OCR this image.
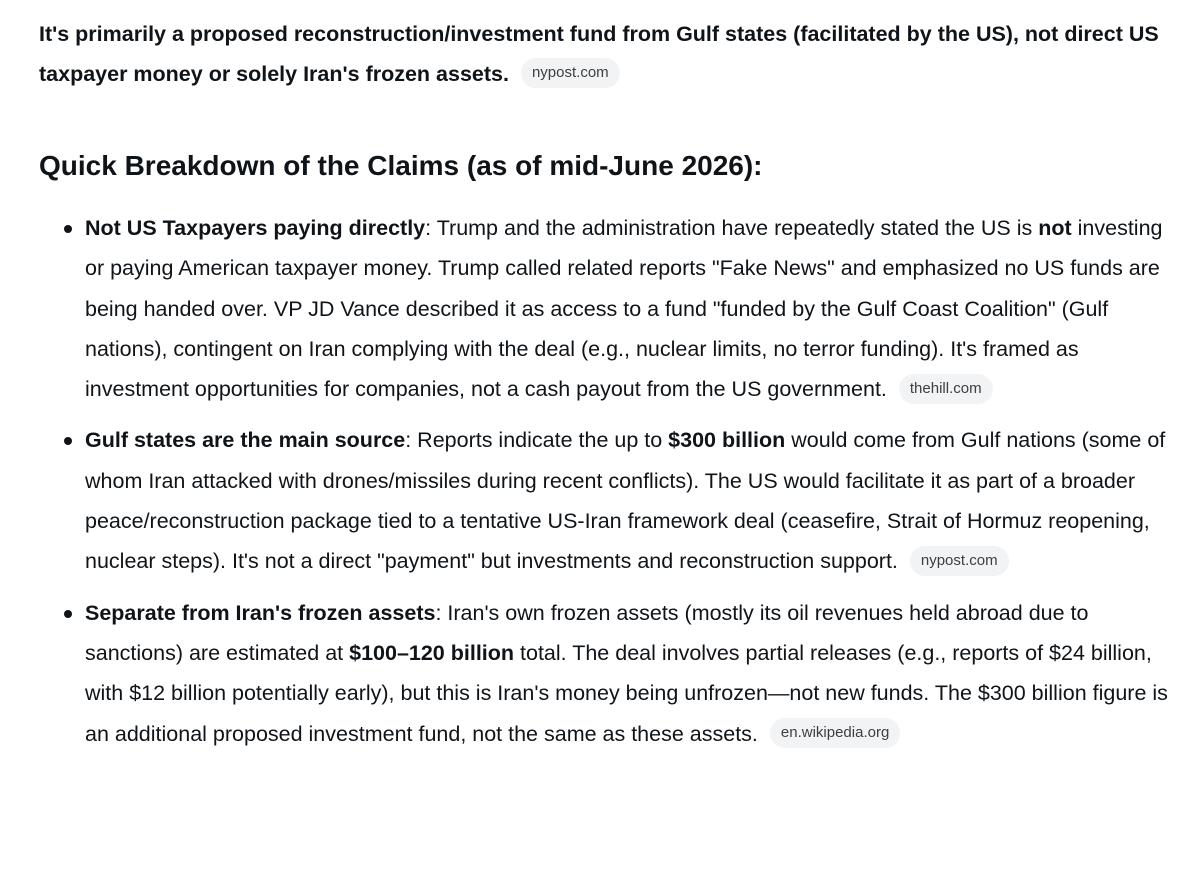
It's primarily a proposed reconstruction/investment fund from Gulf states (facilitated by the US), not direct US taxpayer money or solely Iran's frozen assets. nypost.com

Quick Breakdown of the Claims (as of mid-June 2026):
Not US Taxpayers paying directly: Trump and the administration have repeatedly stated the US is not investing or paying American taxpayer money. Trump called related reports "Fake News" and emphasized no US funds are being handed over. VP JD Vance described it as access to a fund "funded by the Gulf Coast Coalition" (Gulf nations), contingent on Iran complying with the deal (e.g., nuclear limits, no terror funding). It's framed as investment opportunities for companies, not a cash payout from the US government. thehill.com
Gulf states are the main source: Reports indicate the up to $300 billion would come from Gulf nations (some of whom Iran attacked with drones/missiles during recent conflicts). The US would facilitate it as part of a broader peace/reconstruction package tied to a tentative US-Iran framework deal (ceasefire, Strait of Hormuz reopening, nuclear steps). It's not a direct "payment" but investments and reconstruction support. nypost.com
Separate from Iran's frozen assets: Iran's own frozen assets (mostly its oil revenues held abroad due to sanctions) are estimated at $100–120 billion total. The deal involves partial releases (e.g., reports of $24 billion, with $12 billion potentially early), but this is Iran's money being unfrozen—not new funds. The $300 billion figure is an additional proposed investment fund, not the same as these assets. en.wikipedia.org
